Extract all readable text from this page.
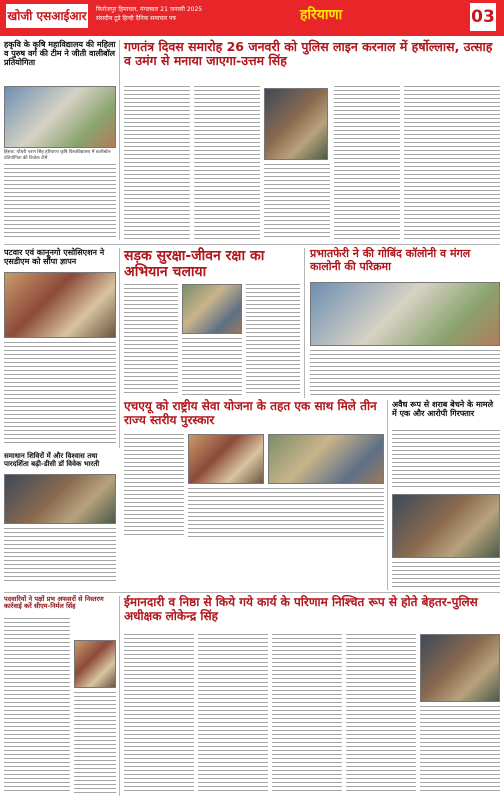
खोजी एसआईआर फिरोजपुर हिमाचल, मंगलवार 21 जनवरी 2025
संसदीय टूडे हिन्दी दैनिक समाचार पत्र	हरियाणा	03
हकृवि के कृषि महाविद्यालय की महिला व पुरुष वर्ग की टीम ने जीती वालीबॉल प्रतियोगिता
हिसार: चौधरी चरण सिंह हरियाणा कृषि विश्वविद्यालय में वालीबॉल प्रतियोगिता की विजेता टीमें
गणतंत्र दिवस समारोह 26 जनवरी को पुलिस लाइन करनाल में हर्षोल्लास, उत्साह व उमंग से मनाया जाएगा-उत्तम सिंह
पटवार एवं कानूनगो एसोसिएशन ने एसडीएम को सौंपा ज्ञापन	सड़क सुरक्षा-जीवन रक्षा का अभियान चलाया
प्रभातफेरी ने की गोबिंद कॉलोनी व मंगल कालोनी की परिक्रमा
एचएयू को राष्ट्रीय सेवा योजना के तहत एक साथ मिले तीन राज्य स्तरीय पुरस्कार
समाधान शिविरों में और विश्वास तथा पारदर्शिता बढ़ी-डीसी डॉ विवेक भारती
अवैध रूप से शराब बेचने के मामले में एक और आरोपी गिरफ्तार
पदवारियों ने पक्षों प्रभ अफसरों से निस्तरण कार्रवाई करें सीएम-निर्मल सिंह	ईमानदारी व निष्ठा से किये गये कार्य के परिणाम निश्चित रूप से होते बेहतर-पुलिस अधीक्षक लोकेन्द्र सिंह
